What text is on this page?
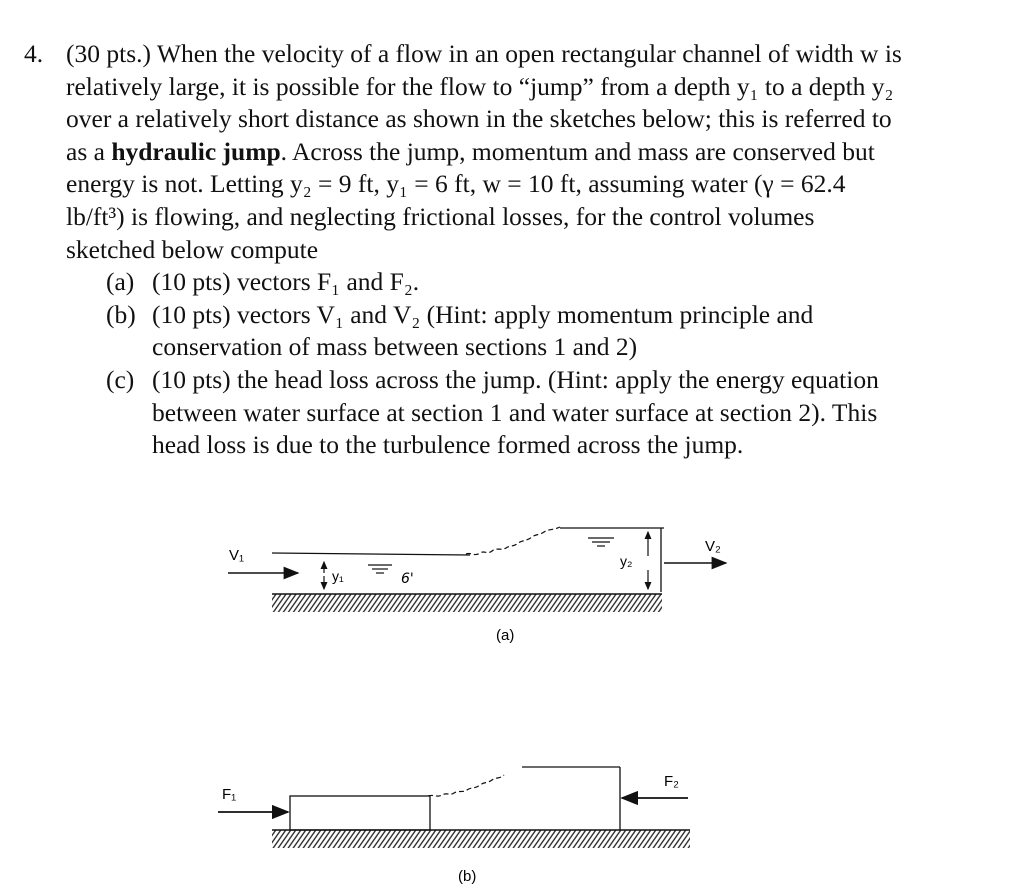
4. (30 pts.) When the velocity of a flow in an open rectangular channel of width w is
relatively large, it is possible for the flow to “jump” from a depth y₁ to a depth y₂
over a relatively short distance as shown in the sketches below; this is referred to
as a hydraulic jump. Across the jump, momentum and mass are conserved but
energy is not. Letting y₂ = 9 ft, y₁ = 6 ft, w = 10 ft, assuming water (γ = 62.4
lb/ft³) is flowing, and neglecting frictional losses, for the control volumes
sketched below compute
(a) (10 pts) vectors F₁ and F₂.
(b) (10 pts) vectors V₁ and V₂ (Hint: apply momentum principle and
conservation of mass between sections 1 and 2)
(c) (10 pts) the head loss across the jump. (Hint: apply the energy equation
between water surface at section 1 and water surface at section 2). This
head loss is due to the turbulence formed across the jump.
V₁
y₁	6'
y₂
V₂
(a)
F₁
F₂
(b)
